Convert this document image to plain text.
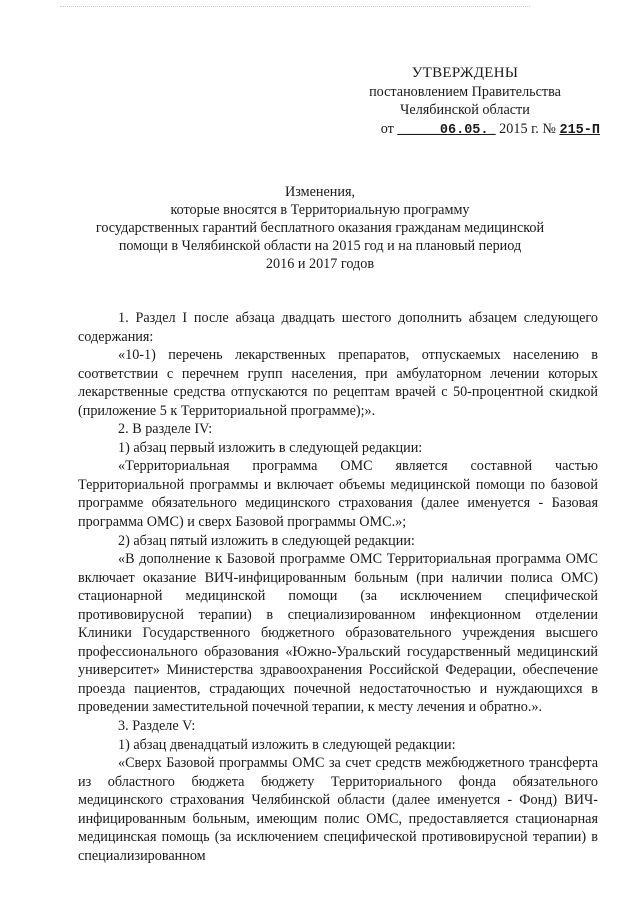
УТВЕРЖДЕНЫ
постановлением Правительства
Челябинской области
от ______06.05._ 2015 г. № 215-П
Изменения,
которые вносятся в Территориальную программу
государственных гарантий бесплатного оказания гражданам медицинской
помощи в Челябинской области на 2015 год и на плановый период
2016 и 2017 годов

1. Раздел I после абзаца двадцать шестого дополнить абзацем следующего содержания:

«10-1) перечень лекарственных препаратов, отпускаемых населению в соответствии с перечнем групп населения, при амбулаторном лечении которых лекарственные средства отпускаются по рецептам врачей с 50-процентной скидкой (приложение 5 к Территориальной программе);».

2. В разделе IV:

1) абзац первый изложить в следующей редакции:

«Территориальная программа ОМС является составной частью Территориальной программы и включает объемы медицинской помощи по базовой программе обязательного медицинского страхования (далее именуется - Базовая программа ОМС) и сверх Базовой программы ОМС.»;

2) абзац пятый изложить в следующей редакции:

«В дополнение к Базовой программе ОМС Территориальная программа ОМС включает оказание ВИЧ-инфицированным больным (при наличии полиса ОМС) стационарной медицинской помощи (за исключением специфической противовирусной терапии) в специализированном инфекционном отделении Клиники Государственного бюджетного образовательного учреждения высшего профессионального образования «Южно-Уральский государственный медицинский университет» Министерства здравоохранения Российской Федерации, обеспечение проезда пациентов, страдающих почечной недостаточностью и нуждающихся в проведении заместительной почечной терапии, к месту лечения и обратно.».

3. Разделе V:

1) абзац двенадцатый изложить в следующей редакции:

«Сверх Базовой программы ОМС за счет средств межбюджетного трансферта из областного бюджета бюджету Территориального фонда обязательного медицинского страхования Челябинской области (далее именуется - Фонд) ВИЧ-инфицированным больным, имеющим полис ОМС, предоставляется стационарная медицинская помощь (за исключением специфической противовирусной терапии) в специализированном
